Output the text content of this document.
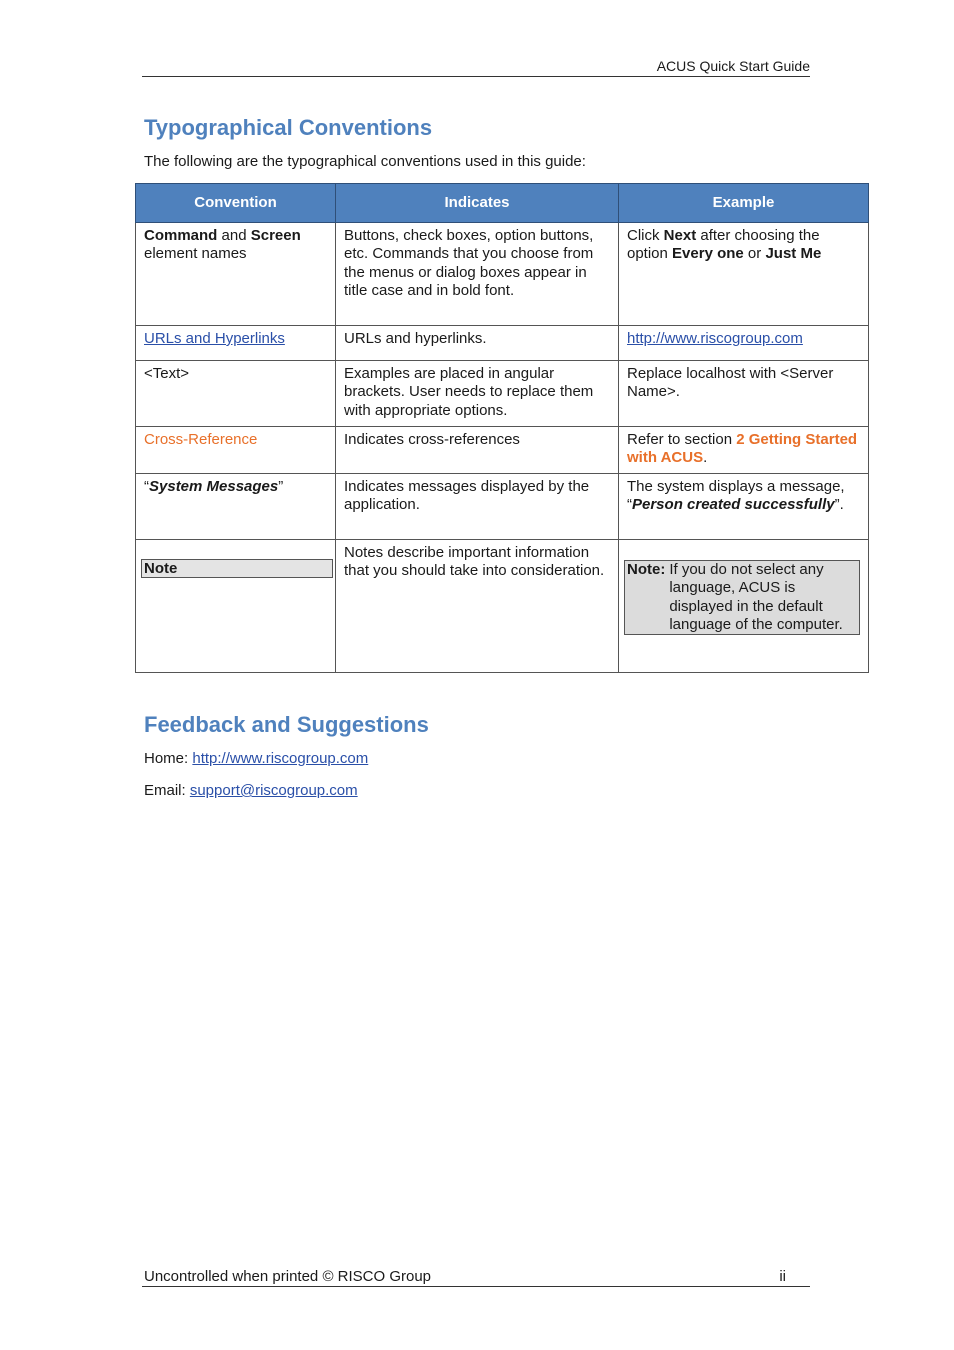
ACUS Quick Start Guide
Typographical Conventions

The following are the typographical conventions used in this guide:

Convention	Indicates	Example
Command and Screen element names	Buttons, check boxes, option buttons, etc. Commands that you choose from the menus or dialog boxes appear in title case and in bold font.	Click Next after choosing the option Every one or Just Me
URLs and Hyperlinks	URLs and hyperlinks.	http://www.riscogroup.com
<Text>	Examples are placed in angular brackets. User needs to replace them with appropriate options.	Replace localhost with <Server Name>.
Cross-Reference	Indicates cross-references	Refer to section 2 Getting Started with ACUS.
“System Messages”	Indicates messages displayed by the application.	The system displays a message, “Person created successfully”.

Note	Notes describe important information that you should take into consideration.	Note: If you do not select any language, ACUS is displayed in the default language of the computer.
Feedback and Suggestions

Home: http://www.riscogroup.com

Email: support@riscogroup.com

Uncontrolled when printed © RISCO Group	ii
